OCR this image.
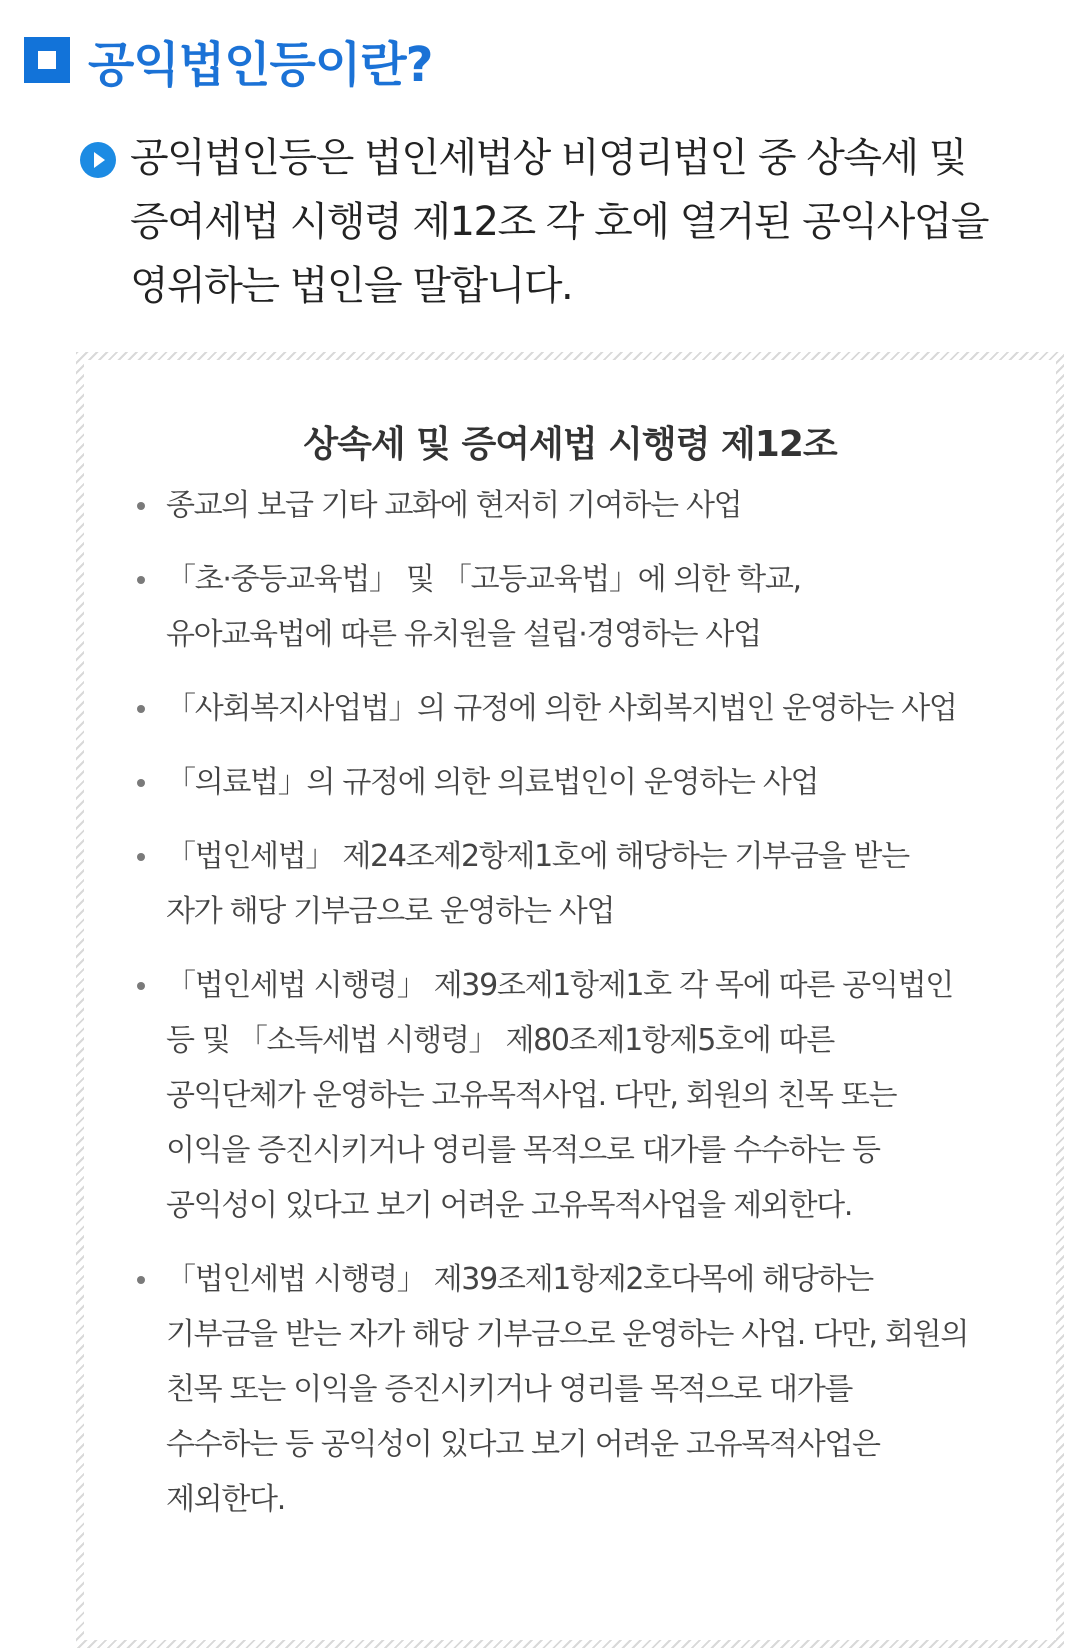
공익법인등이란?
공익법인등은 법인세법상 비영리법인 중 상속세 및
증여세법 시행령 제12조 각 호에 열거된 공익사업을
영위하는 법인을 말합니다.
상속세 및 증여세법 시행령 제12조
종교의 보급 기타 교화에 현저히 기여하는 사업
「초·중등교육법」 및 「고등교육법」에 의한 학교,
유아교육법에 따른 유치원을 설립·경영하는 사업
「사회복지사업법」의 규정에 의한 사회복지법인 운영하는 사업
「의료법」의 규정에 의한 의료법인이 운영하는 사업
「법인세법」 제24조제2항제1호에 해당하는 기부금을 받는
자가 해당 기부금으로 운영하는 사업
「법인세법 시행령」 제39조제1항제1호 각 목에 따른 공익법인
등 및 「소득세법 시행령」 제80조제1항제5호에 따른
공익단체가 운영하는 고유목적사업. 다만, 회원의 친목 또는
이익을 증진시키거나 영리를 목적으로 대가를 수수하는 등
공익성이 있다고 보기 어려운 고유목적사업을 제외한다.
「법인세법 시행령」 제39조제1항제2호다목에 해당하는
기부금을 받는 자가 해당 기부금으로 운영하는 사업. 다만, 회원의
친목 또는 이익을 증진시키거나 영리를 목적으로 대가를
수수하는 등 공익성이 있다고 보기 어려운 고유목적사업은
제외한다.
